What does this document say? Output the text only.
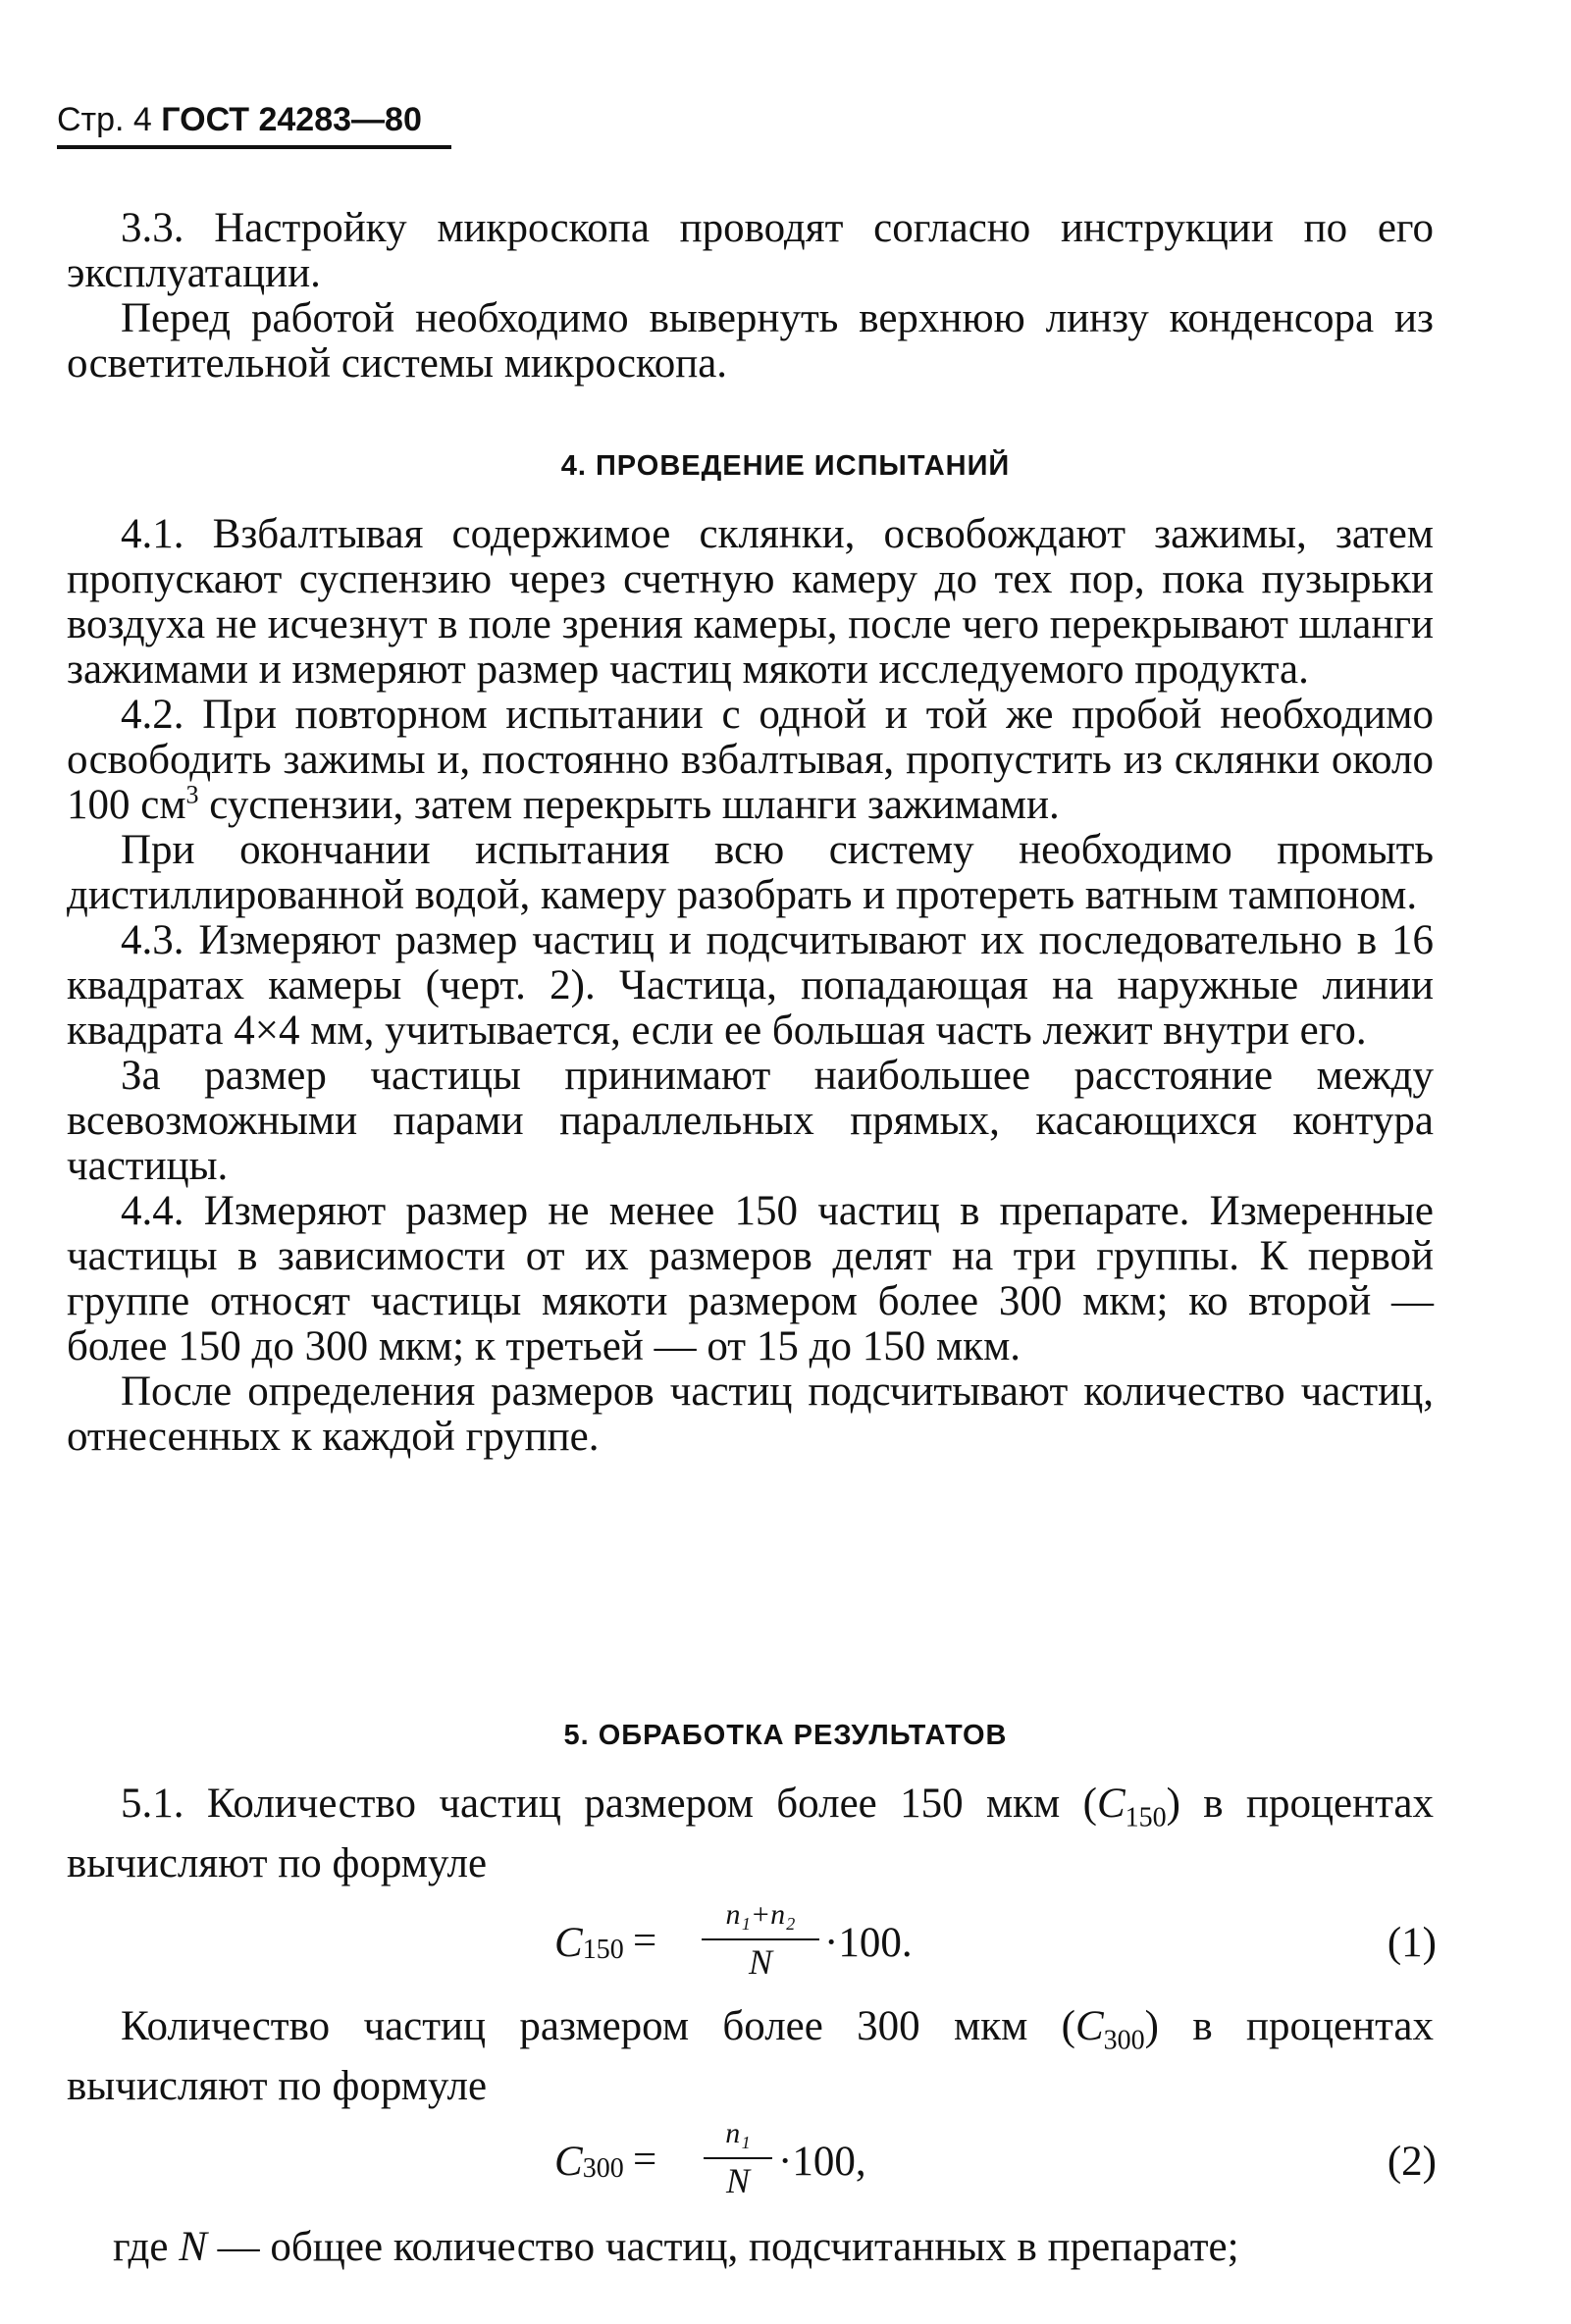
Стр. 4 ГОСТ 24283—80

3.3. Настройку микроскопа проводят согласно инструкции по его эксплуатации.

Перед работой необходимо вывернуть верхнюю линзу конденсора из осветительной системы микроскопа.

4. ПРОВЕДЕНИЕ ИСПЫТАНИЙ

4.1. Взбалтывая содержимое склянки, освобождают зажимы, затем пропускают суспензию через счетную камеру до тех пор, пока пузырьки воздуха не исчезнут в поле зрения камеры, после чего перекрывают шланги зажимами и измеряют размер частиц мякоти исследуемого продукта.

4.2. При повторном испытании с одной и той же пробой необходимо освободить зажимы и, постоянно взбалтывая, пропустить из склянки около 100 $см^3$ суспензии, затем перекрыть шланги зажимами.

При окончании испытания всю систему необходимо промыть дистиллированной водой, камеру разобрать и протереть ватным тампоном.

4.3. Измеряют размер частиц и подсчитывают их последовательно в 16 квадратах камеры (черт. 2). Частица, попадающая на наружные линии квадрата 4×4 мм, учитывается, если ее большая часть лежит внутри его.

За размер частицы принимают наибольшее расстояние между всевозможными парами параллельных прямых, касающихся контура частицы.

4.4. Измеряют размер не менее 150 частиц в препарате. Измеренные частицы в зависимости от их размеров делят на три группы. К первой группе относят частицы мякоти размером более 300 мкм; ко второй — более 150 до 300 мкм; к третьей — от 15 до 150 мкм.

После определения размеров частиц подсчитывают количество частиц, отнесенных к каждой группе.

5. ОБРАБОТКА РЕЗУЛЬТАТОВ

5.1. Количество частиц размером более 150 мкм $(C_{150})$ в процентах вычисляют по формуле

$C_{150}$ =
n₁+n₂
N	·100.	(1)

Количество частиц размером более 300 мкм $(C_{300})$ в процентах вычисляют по формуле

$C_{300}$ =
n₁
N ·100,	(2)
где N — общее количество частиц, подсчитанных в препарате;
